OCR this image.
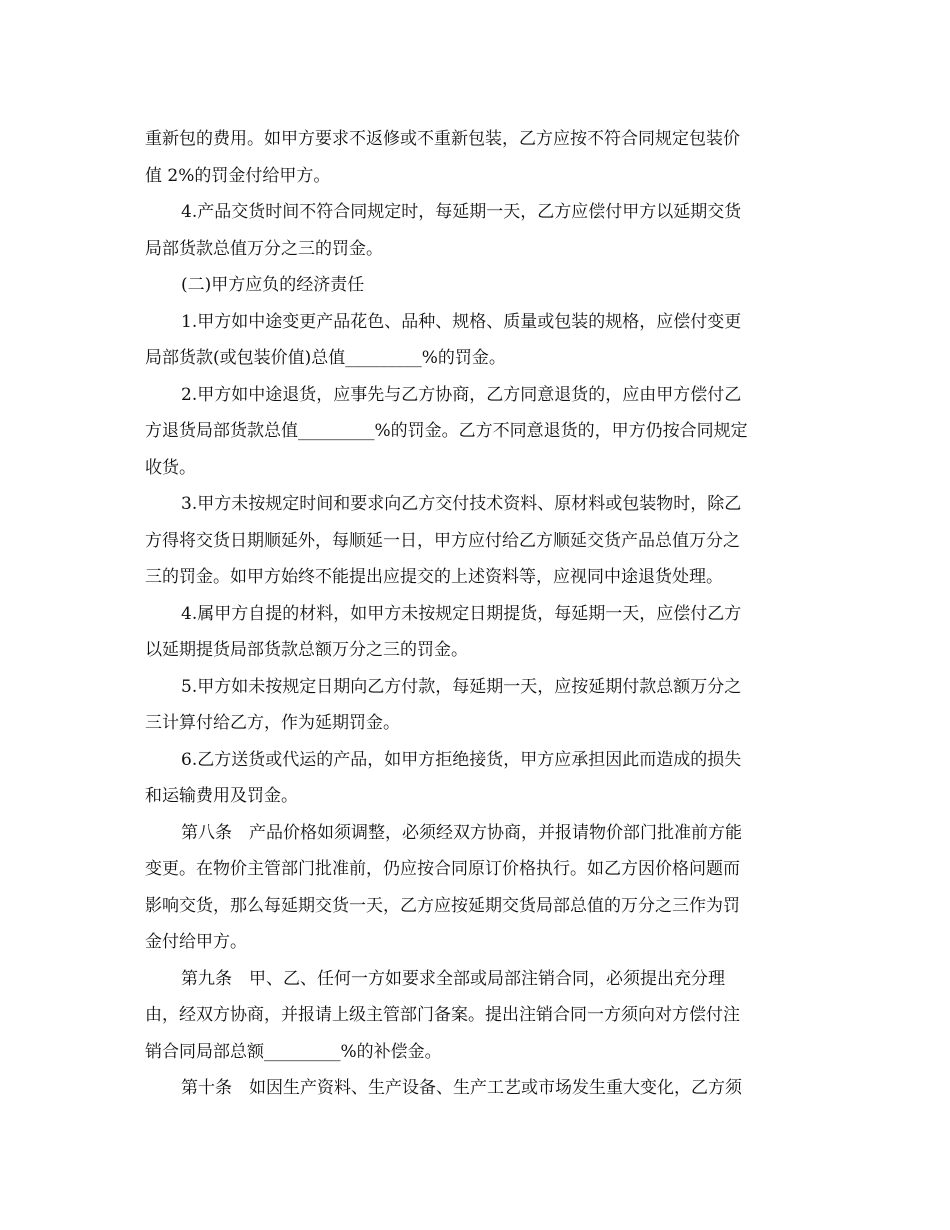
重新包的费用。如甲方要求不返修或不重新包装，乙方应按不符合同规定包装价
值 2%的罚金付给甲方。
4.产品交货时间不符合同规定时，每延期一天，乙方应偿付甲方以延期交货
局部货款总值万分之三的罚金。
(二)甲方应负的经济责任
1.甲方如中途变更产品花色、品种、规格、质量或包装的规格，应偿付变更
局部货款(或包装价值)总值_________%的罚金。
2.甲方如中途退货，应事先与乙方协商，乙方同意退货的，应由甲方偿付乙
方退货局部货款总值_________%的罚金。乙方不同意退货的，甲方仍按合同规定
收货。
3.甲方未按规定时间和要求向乙方交付技术资料、原材料或包装物时，除乙
方得将交货日期顺延外，每顺延一日，甲方应付给乙方顺延交货产品总值万分之
三的罚金。如甲方始终不能提出应提交的上述资料等，应视同中途退货处理。
4.属甲方自提的材料，如甲方未按规定日期提货，每延期一天，应偿付乙方
以延期提货局部货款总额万分之三的罚金。
5.甲方如未按规定日期向乙方付款，每延期一天，应按延期付款总额万分之
三计算付给乙方，作为延期罚金。
6.乙方送货或代运的产品，如甲方拒绝接货，甲方应承担因此而造成的损失
和运输费用及罚金。
第八条　产品价格如须调整，必须经双方协商，并报请物价部门批准前方能
变更。在物价主管部门批准前，仍应按合同原订价格执行。如乙方因价格问题而
影响交货，那么每延期交货一天，乙方应按延期交货局部总值的万分之三作为罚
金付给甲方。
第九条　甲、乙、任何一方如要求全部或局部注销合同，必须提出充分理
由，经双方协商，并报请上级主管部门备案。提出注销合同一方须向对方偿付注
销合同局部总额_________%的补偿金。
第十条　如因生产资料、生产设备、生产工艺或市场发生重大变化，乙方须
